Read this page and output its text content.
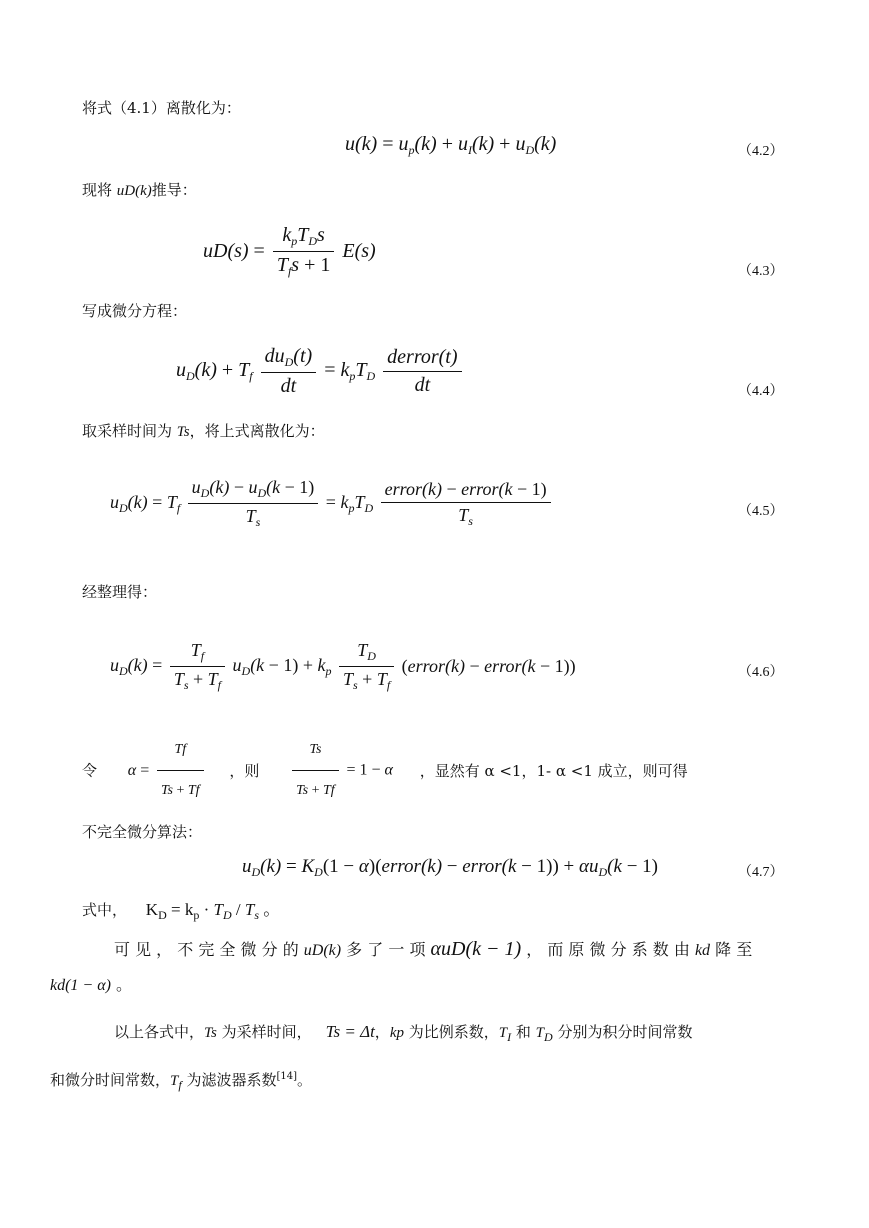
将式（4.1）离散化为：
$u(k) = u_p(k) + u_I(k) + u_D(k)$	（4.2）
现将 uD(k)推导：
$uD(s) = \frac{k_pT_Ds}{T_fs + 1} E(s)$
（4.3）
写成微分方程：
$u_D(k) + T_f \frac{du_D(t)}{dt} = k_pT_D \frac{\text{derror(t)}}{dt}$	（4.4）
取采样时间为 Ts，将上式离散化为：
$u_D(k) = T_f \frac{u_D(k) - u_D(k - 1)}{T_s} = k_pT_D \frac{\text{error(k) − error(k − 1)}}{T_s}$	（4.5）
经整理得：
$u_D(k) = \frac{T_f}{T_s + T_f} u_D(k - 1) + k_p \frac{T_D}{T_s + T_f}$ (error(k) − error(k − 1))	（4.6）
令 $\alpha = \frac{Tf}{Ts + Tf}$ ，则 $\frac{Ts}{Ts + Tf} = 1 - \alpha$ ，显然有 α <1，1- α <1 成立，则可得
不完全微分算法：
$u_D(k) = K_D(1$ − α)(error(k) − error(k − $1)) + \alpha u_D(k - 1)$	（4.7）
式中， $K_D = k_p \cdot T_D / T_s$ 。
可 见 ， 不 完 全 微 分 的 uD(k) 多 了 一 项 αuD(k − 1) ， 而 原 微 分 系 数 由 kd 降 至
kd(1 − α) 。
以上各式中，Ts 为采样时间， Ts = Δt，kp 为比例系数，$T_I$ 和 $T_D$ 分别为积分时间常数
和微分时间常数，$T_f$ 为滤波器系数[14]。
